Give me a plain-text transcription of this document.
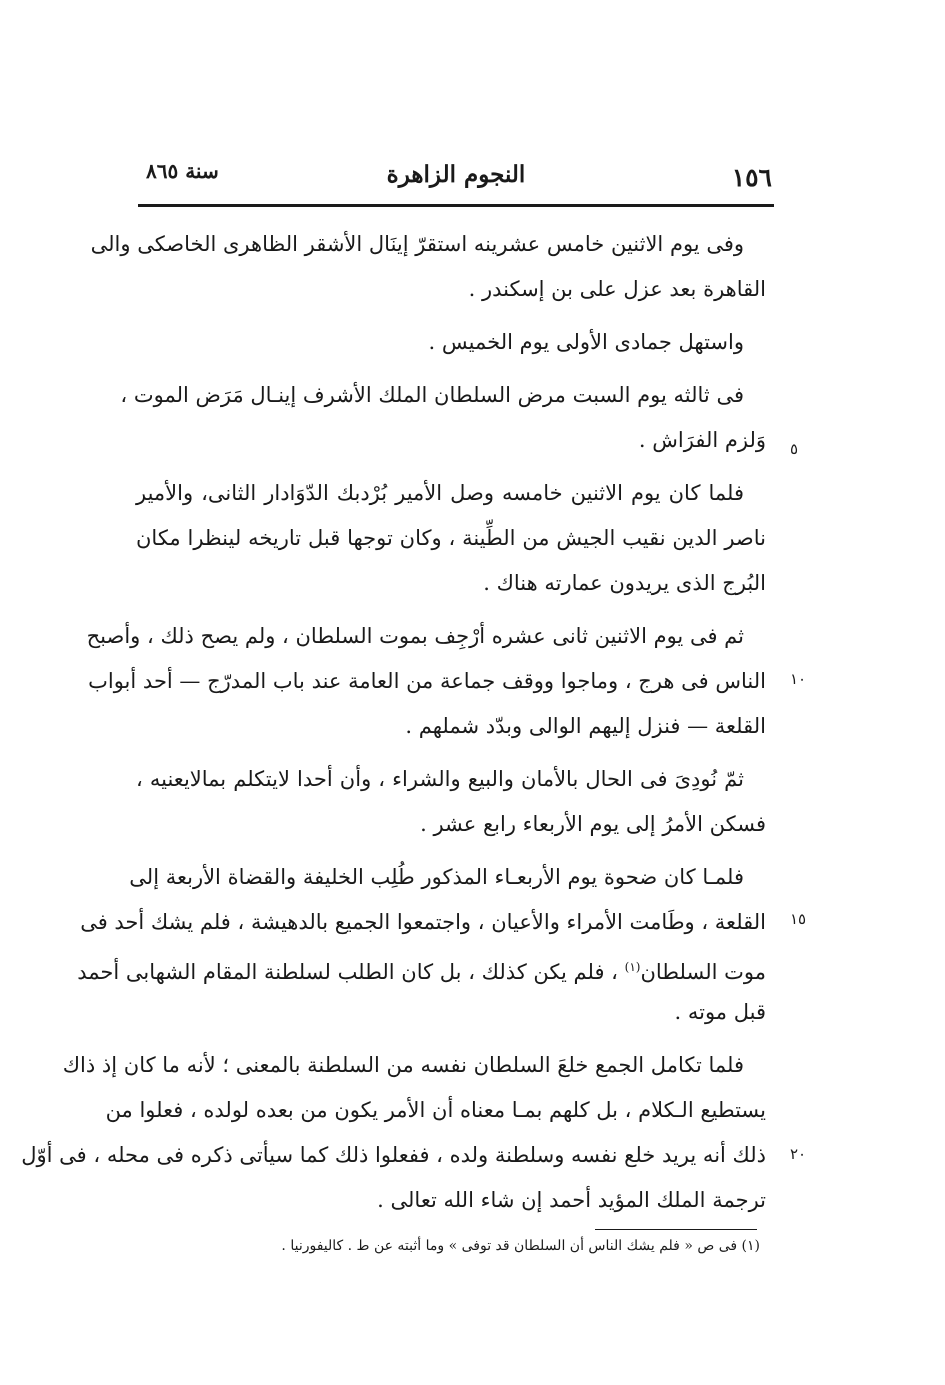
١٥٦
النجوم الزاهرة
سنة ٨٦٥
وفى يوم الاثنين خامس عشرينه استقرّ إينَال الأشقر الظاهرى الخاصكى والى
القاهرة بعد عزل على بن إسكندر .
واستهل جمادى الأولى يوم الخميس .
فى ثالثه يوم السبت مرض السلطان الملك الأشرف إينـال مَرَض الموت ،
وَلزم الفرَاش .
فلما كان يوم الاثنين خامسه وصل الأمير بُرْدبك الدّوَادار الثانى، والأمير
ناصر الدين نقيب الجيش من الطِّينة ، وكان توجها قبل تاريخه لينظرا مكان
البُرج الذى يريدون عمارته هناك .
ثم فى يوم الاثنين ثانى عشره أرْجِف بموت السلطان ، ولم يصح ذلك ، وأصبح
الناس فى هرج ، وماجوا ووقف جماعة من العامة عند باب المدرّج — أحد أبواب
القلعة — فنزل إليهم الوالى وبدّد شملهم .
ثمّ نُودِىَ فى الحال بالأمان والبيع والشراء ، وأن أحدا لايتكلم بمالايعنيه ،
فسكن الأمرُ إلى يوم الأربعاء رابع عشر .
فلمـا كان ضحوة يوم الأربعـاء المذكور طُلِب الخليفة والقضاة الأربعة إلى
القلعة ، وطَامت الأمراء والأعيان ، واجتمعوا الجميع بالدهيشة ، فلم يشك أحد فى
موت السلطان$^{(١)}$ ، فلم يكن كذلك ، بل كان الطلب لسلطنة المقام الشهابى أحمد
قبل موته .
فلما تكامل الجمع خلعَ السلطان نفسه من السلطنة بالمعنى ؛ لأنه ما كان إذ ذاك
يستطيع الـكلام ، بل كلهم بمـا معناه أن الأمر يكون من بعده لولده ، فعلوا من
ذلك أنه يريد خلع نفسه وسلطنة ولده ، ففعلوا ذلك كما سيأتى ذكره فى محله ، فى أوّل
ترجمة الملك المؤيد أحمد إن شاء الله تعالى .
٥
١٠
١٥
٢٠
(١) فى ص « فلم يشك الناس أن السلطان قد توفى » وما أثبته عن ط . كاليفورنيا .
